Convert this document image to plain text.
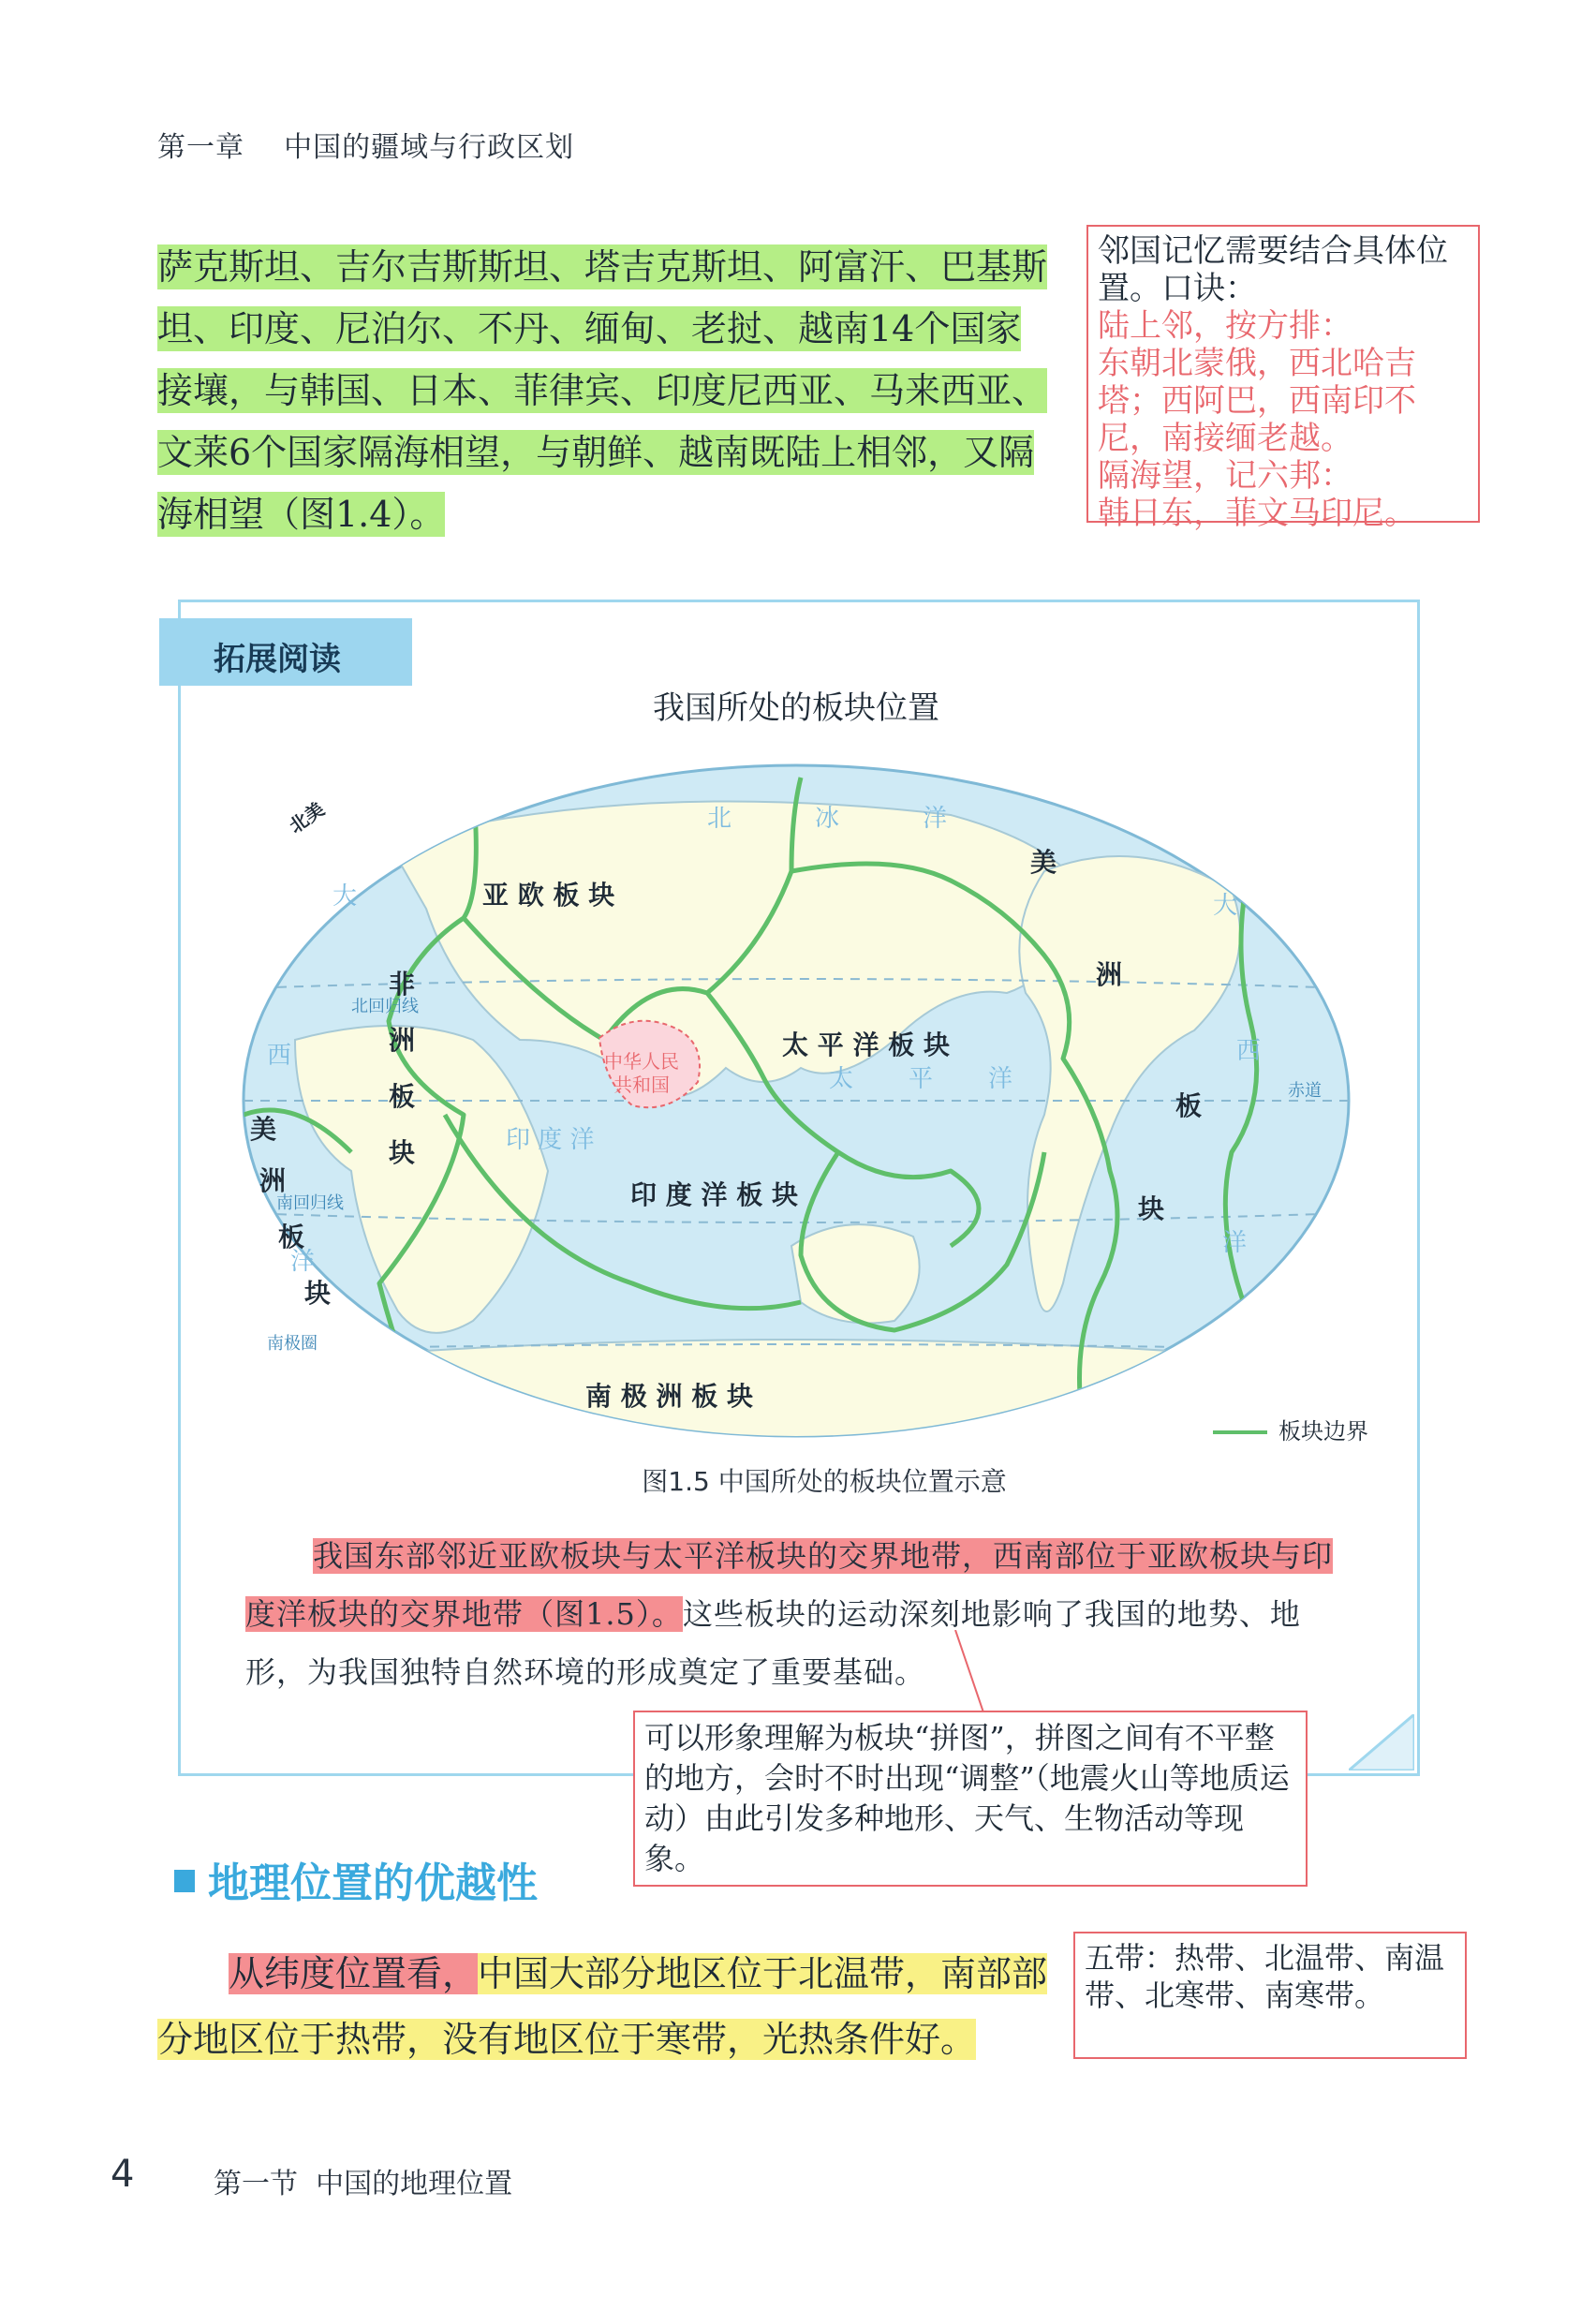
第一章    中国的疆域与行政区划

萨克斯坦、吉尔吉斯斯坦、塔吉克斯坦、阿富汗、巴基斯坦、印度、尼泊尔、不丹、缅甸、老挝、越南14个国家接壤，与韩国、日本、菲律宾、印度尼西亚、马来西亚、文莱6个国家隔海相望，与朝鲜、越南既陆上相邻，又隔海相望（图1.4）。

邻国记忆需要结合具体位置。口诀：
陆上邻，按方排：
东朝北蒙俄，西北哈吉塔；西阿巴，西南印不尼，南接缅老越。
隔海望，记六邦：
韩日东，菲文马印尼。
拓展阅读
我国所处的板块位置
中华人民
共和国
北回归线
赤道
南回归线
南极圈
北	冰	洋
太 平 洋
印 度 洋
大
西
洋
大
西
洋
亚 欧 板 块
太 平 洋 板 块
印 度 洋 板 块
南 极 洲 板 块
非
洲
板
块
美
洲
板
块
美
洲
板
块
北美
板块边界
图1.5 中国所处的板块位置示意

我国东部邻近亚欧板块与太平洋板块的交界地带，西南部位于亚欧板块与印度洋板块的交界地带（图1.5）。这些板块的运动深刻地影响了我国的地势、地形，为我国独特自然环境的形成奠定了重要基础。

可以形象理解为板块“拼图”，拼图之间有不平整的地方，会时不时出现“调整”（地震火山等地质运动）由此引发多种地形、天气、生物活动等现象。
地理位置的优越性

从纬度位置看，中国大部分地区位于北温带，南部部分地区位于热带，没有地区位于寒带，光热条件好。

五带：热带、北温带、南温带、北寒带、南寒带。
4	第一节  中国的地理位置
